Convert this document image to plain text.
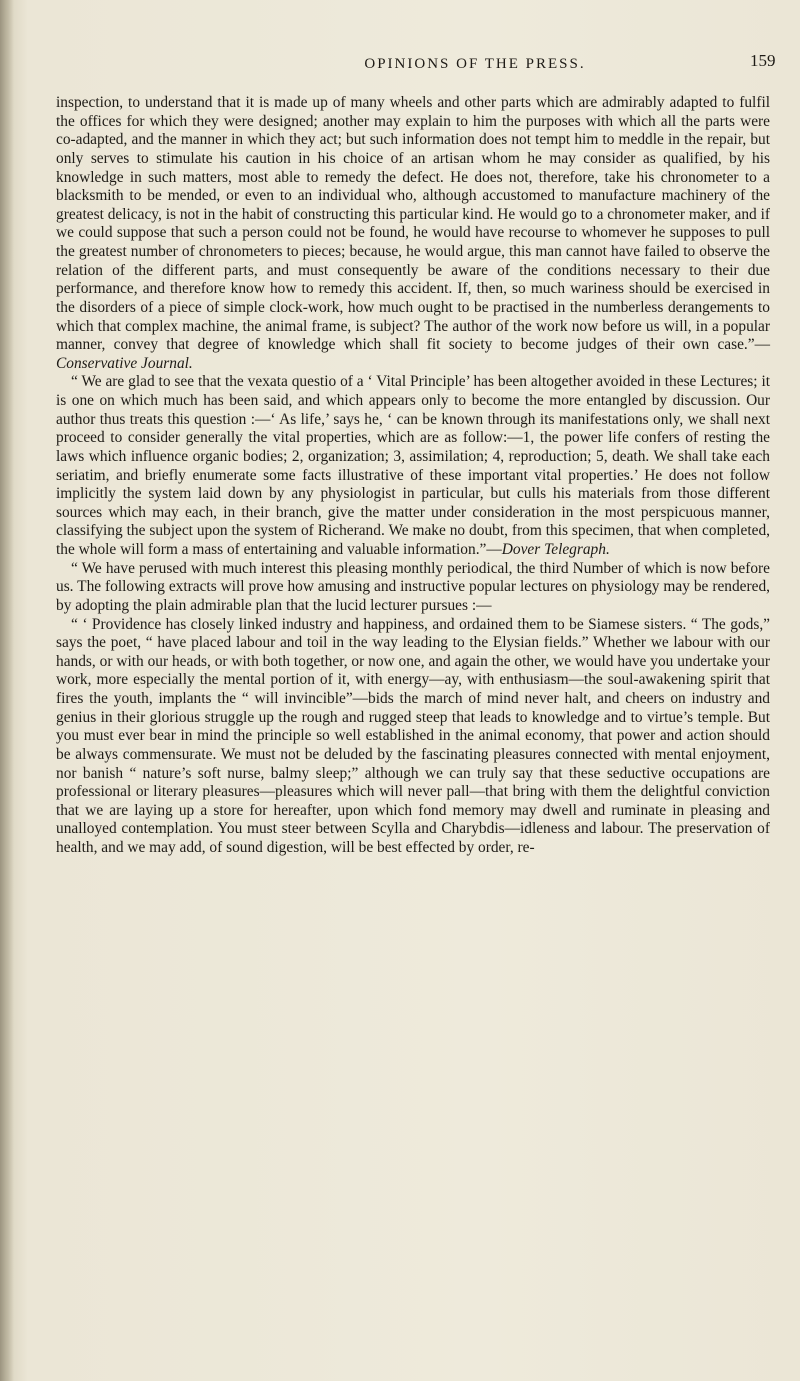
OPINIONS OF THE PRESS.	159

inspection, to understand that it is made up of many wheels and other parts which are admirably adapted to fulfil the offices for which they were designed; another may explain to him the purposes with which all the parts were co-adapted, and the manner in which they act; but such information does not tempt him to meddle in the repair, but only serves to stimulate his caution in his choice of an artisan whom he may consider as qualified, by his knowledge in such matters, most able to remedy the defect. He does not, therefore, take his chronometer to a blacksmith to be mended, or even to an individual who, although accustomed to manufacture machinery of the greatest delicacy, is not in the habit of constructing this particular kind. He would go to a chronometer maker, and if we could suppose that such a person could not be found, he would have recourse to whomever he supposes to pull the greatest number of chronometers to pieces; because, he would argue, this man cannot have failed to observe the relation of the different parts, and must consequently be aware of the conditions necessary to their due performance, and therefore know how to remedy this accident. If, then, so much wariness should be exercised in the disorders of a piece of simple clock-work, how much ought to be practised in the numberless derangements to which that complex machine, the animal frame, is subject? The author of the work now before us will, in a popular manner, convey that degree of knowledge which shall fit society to become judges of their own case.”—Conservative Journal.

“ We are glad to see that the vexata questio of a ‘ Vital Principle’ has been altogether avoided in these Lectures; it is one on which much has been said, and which appears only to become the more entangled by discussion. Our author thus treats this question :—‘ As life,’ says he, ‘ can be known through its manifestations only, we shall next proceed to consider generally the vital properties, which are as follow:—1, the power life confers of resting the laws which influence organic bodies; 2, organization; 3, assimilation; 4, reproduction; 5, death. We shall take each seriatim, and briefly enumerate some facts illustrative of these important vital properties.’ He does not follow implicitly the system laid down by any physiologist in particular, but culls his materials from those different sources which may each, in their branch, give the matter under consideration in the most perspicuous manner, classifying the subject upon the system of Richerand. We make no doubt, from this specimen, that when completed, the whole will form a mass of entertaining and valuable information.”—Dover Telegraph.

“ We have perused with much interest this pleasing monthly periodical, the third Number of which is now before us. The following extracts will prove how amusing and instructive popular lectures on physiology may be rendered, by adopting the plain admirable plan that the lucid lecturer pursues :—

“ ‘ Providence has closely linked industry and happiness, and ordained them to be Siamese sisters. “ The gods,” says the poet, “ have placed labour and toil in the way leading to the Elysian fields.” Whether we labour with our hands, or with our heads, or with both together, or now one, and again the other, we would have you undertake your work, more especially the mental portion of it, with energy—ay, with enthusiasm—the soul-awakening spirit that fires the youth, implants the “ will invincible”—bids the march of mind never halt, and cheers on industry and genius in their glorious struggle up the rough and rugged steep that leads to knowledge and to virtue’s temple. But you must ever bear in mind the principle so well established in the animal economy, that power and action should be always commensurate. We must not be deluded by the fascinating pleasures connected with mental enjoyment, nor banish “ nature’s soft nurse, balmy sleep;” although we can truly say that these seductive occupations are professional or literary pleasures—pleasures which will never pall—that bring with them the delightful conviction that we are laying up a store for hereafter, upon which fond memory may dwell and ruminate in pleasing and unalloyed contemplation. You must steer between Scylla and Charybdis—idleness and labour. The preservation of health, and we may add, of sound digestion, will be best effected by order, re-
